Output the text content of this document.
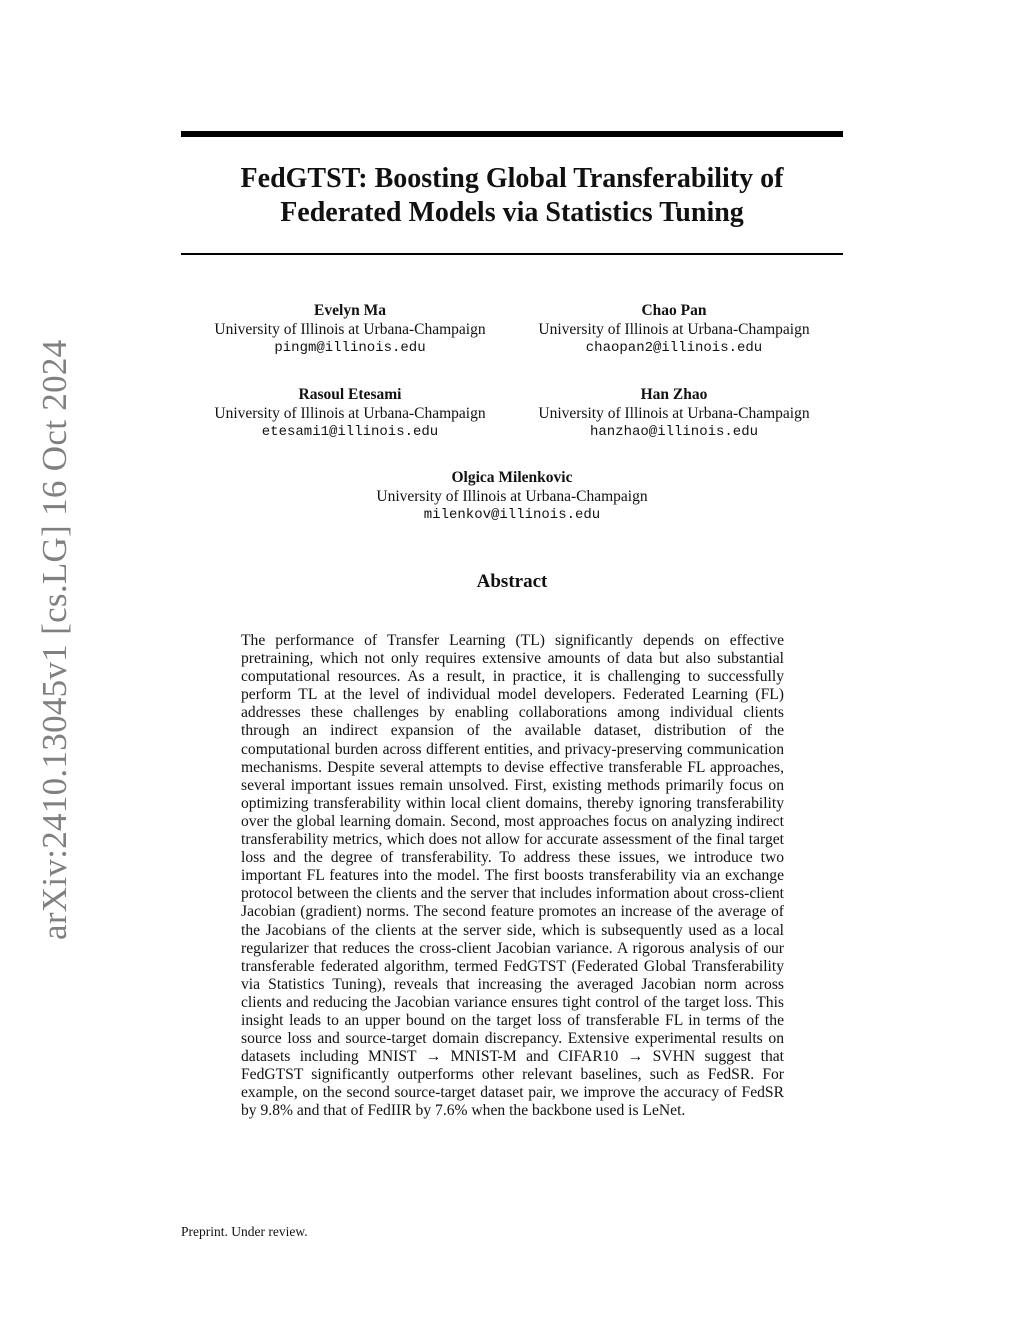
arXiv:2410.13045v1 [cs.LG] 16 Oct 2024
FedGTST: Boosting Global Transferability of
Federated Models via Statistics Tuning
Evelyn Ma
University of Illinois at Urbana-Champaign
pingm@illinois.edu
Chao Pan
University of Illinois at Urbana-Champaign
chaopan2@illinois.edu
Rasoul Etesami
University of Illinois at Urbana-Champaign
etesami1@illinois.edu
Han Zhao
University of Illinois at Urbana-Champaign
hanzhao@illinois.edu
Olgica Milenkovic
University of Illinois at Urbana-Champaign
milenkov@illinois.edu
Abstract

The performance of Transfer Learning (TL) significantly depends on effective pretraining, which not only requires extensive amounts of data but also substantial computational resources. As a result, in practice, it is challenging to successfully perform TL at the level of individual model developers. Federated Learning (FL) addresses these challenges by enabling collaborations among individual clients through an indirect expansion of the available dataset, distribution of the computational burden across different entities, and privacy-preserving communication mechanisms. Despite several attempts to devise effective transferable FL approaches, several important issues remain unsolved. First, existing methods primarily focus on optimizing transferability within local client domains, thereby ignoring transferability over the global learning domain. Second, most approaches focus on analyzing indirect transferability metrics, which does not allow for accurate assessment of the final target loss and the degree of transferability. To address these issues, we introduce two important FL features into the model. The first boosts transferability via an exchange protocol between the clients and the server that includes information about cross-client Jacobian (gradient) norms. The second feature promotes an increase of the average of the Jacobians of the clients at the server side, which is subsequently used as a local regularizer that reduces the cross-client Jacobian variance. A rigorous analysis of our transferable federated algorithm, termed FedGTST (Federated Global Transferability via Statistics Tuning), reveals that increasing the averaged Jacobian norm across clients and reducing the Jacobian variance ensures tight control of the target loss. This insight leads to an upper bound on the target loss of transferable FL in terms of the source loss and source-target domain discrepancy. Extensive experimental results on datasets including MNIST → MNIST-M and CIFAR10 → SVHN suggest that FedGTST significantly outperforms other relevant baselines, such as FedSR. For example, on the second source-target dataset pair, we improve the accuracy of FedSR by 9.8% and that of FedIIR by 7.6% when the backbone used is LeNet.

Preprint. Under review.
